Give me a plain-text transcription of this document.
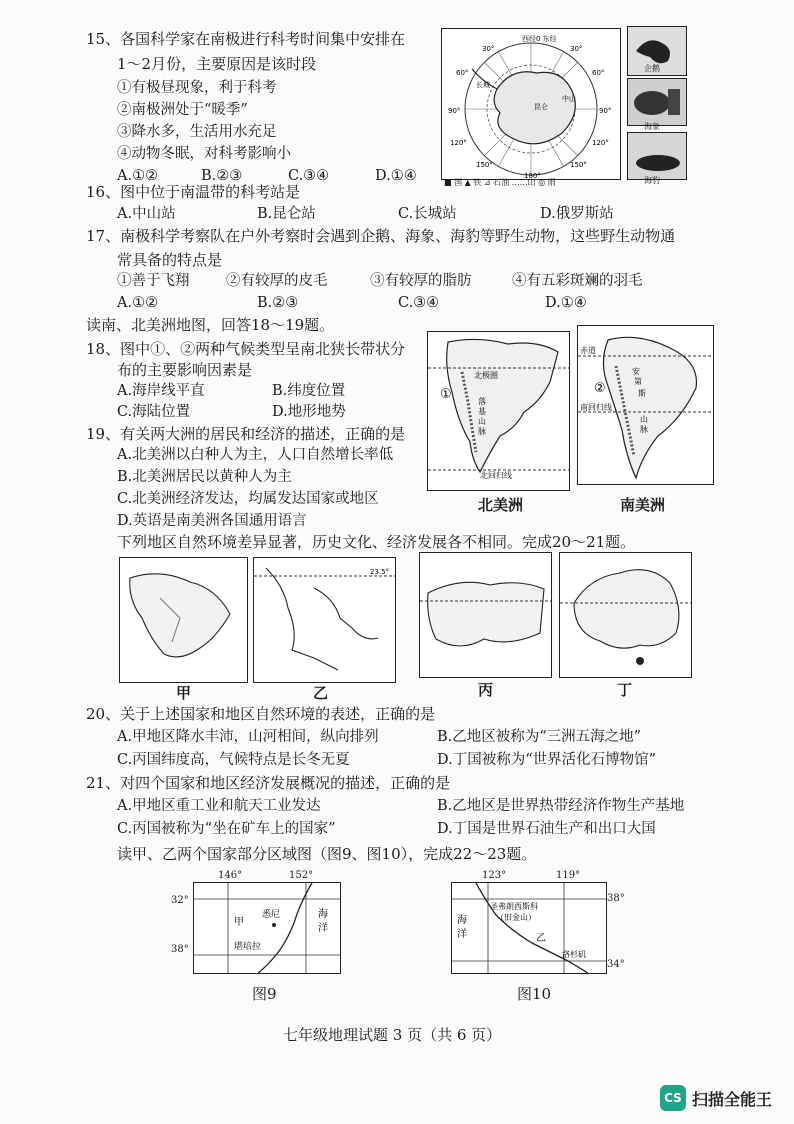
15、各国科学家在南极进行科考时间集中安排在
1～2月份，主要原因是该时段
①有极昼现象，利于科考
②南极洲处于“暖季”
③降水多，生活用水充足
④动物冬眠，对科考影响小
A.①②	B.②③	C.③④	D.①④
西经0 东经
180°
30°	30°
60°	60°
90°	90°
120°	120°
150°	150°
长城
中山
昆仑
■ 国 ▲ 铁 ⊿ 石油 ……山 ◎ 雨
企鹅
海象
海豹
16、图中位于南温带的科考站是
A.中山站	B.昆仑站	C.长城站	D.俄罗斯站
17、南极科学考察队在户外考察时会遇到企鹅、海象、海豹等野生动物，这些野生动物通
常具备的特点是
①善于飞翔	②有较厚的皮毛	③有较厚的脂肪	④有五彩斑斓的羽毛
A.①②	B.②③	C.③④	D.①④
读南、北美洲地图，回答18～19题。
18、图中①、②两种气候类型呈南北狭长带状分
布的主要影响因素是
A.海岸线平直	B.纬度位置
C.海陆位置	D.地形地势
19、有关两大洲的居民和经济的描述，正确的是
A.北美洲以白种人为主，人口自然增长率低
B.北美洲居民以黄种人为主
C.北美洲经济发达，均属发达国家或地区
D.英语是南美洲各国通用语言
①
北极圈
落
基
山
脉
北回归线
北美洲
赤道
南回归线
②
安
第
斯
山
脉
南美洲
下列地区自然环境差异显著，历史文化、经济发展各不相同。完成20～21题。
甲
23.5°
乙	丙	丁
20、关于上述国家和地区自然环境的表述，正确的是
A.甲地区降水丰沛，山河相间，纵向排列	B.乙地区被称为“三洲五海之地”
C.丙国纬度高，气候特点是长冬无夏	D.丁国被称为“世界活化石博物馆”
21、对四个国家和地区经济发展概况的描述，正确的是
A.甲地区重工业和航天工业发达	B.乙地区是世界热带经济作物生产基地
C.丙国被称为“坐在矿车上的国家”	D.丁国是世界石油生产和出口大国
读甲、乙两个国家部分区域图（图9、图10），完成22～23题。
146°	152°
32°
38°
甲
悉尼	海
洋
堪培拉
图9
123°	119°
38°
34°
海
洋
圣弗朗西斯科
（旧金山）
乙
洛杉矶
图10
七年级地理试题 3 页（共 6 页）
CS 扫描全能王
